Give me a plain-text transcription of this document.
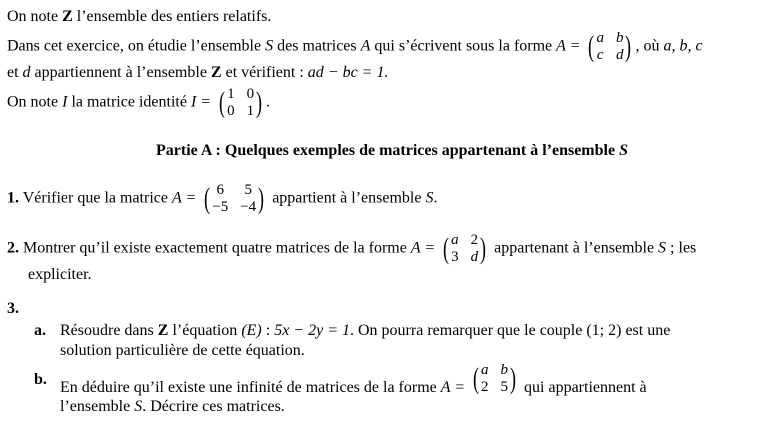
On note Z l’ensemble des entiers relatifs.
Dans cet exercice, on étudie l’ensemble S des matrices A qui s’écrivent sous la forme A = ( a b
c d ) , où a, b, c
et d appartiennent à l’ensemble Z et vérifient : ad − bc = 1.
On note I la matrice identité I = ( 1 0
0 1 ) .
Partie A : Quelques exemples de matrices appartenant à l’ensemble S
1. Vérifier que la matrice A = ( 6 5
−5 −4 ) appartient à l’ensemble S.
2. Montrer qu’il existe exactement quatre matrices de la forme A = ( a 2
3 d ) appartenant à l’ensemble S ; les
expliciter.
3.
a. Résoudre dans Z l’équation (E) : 5x − 2y = 1. On pourra remarquer que le couple (1; 2) est une
solution particulière de cette équation.
b. En déduire qu’il existe une infinité de matrices de la forme A = ( a b
2 5 ) qui appartiennent à
l’ensemble S. Décrire ces matrices.
